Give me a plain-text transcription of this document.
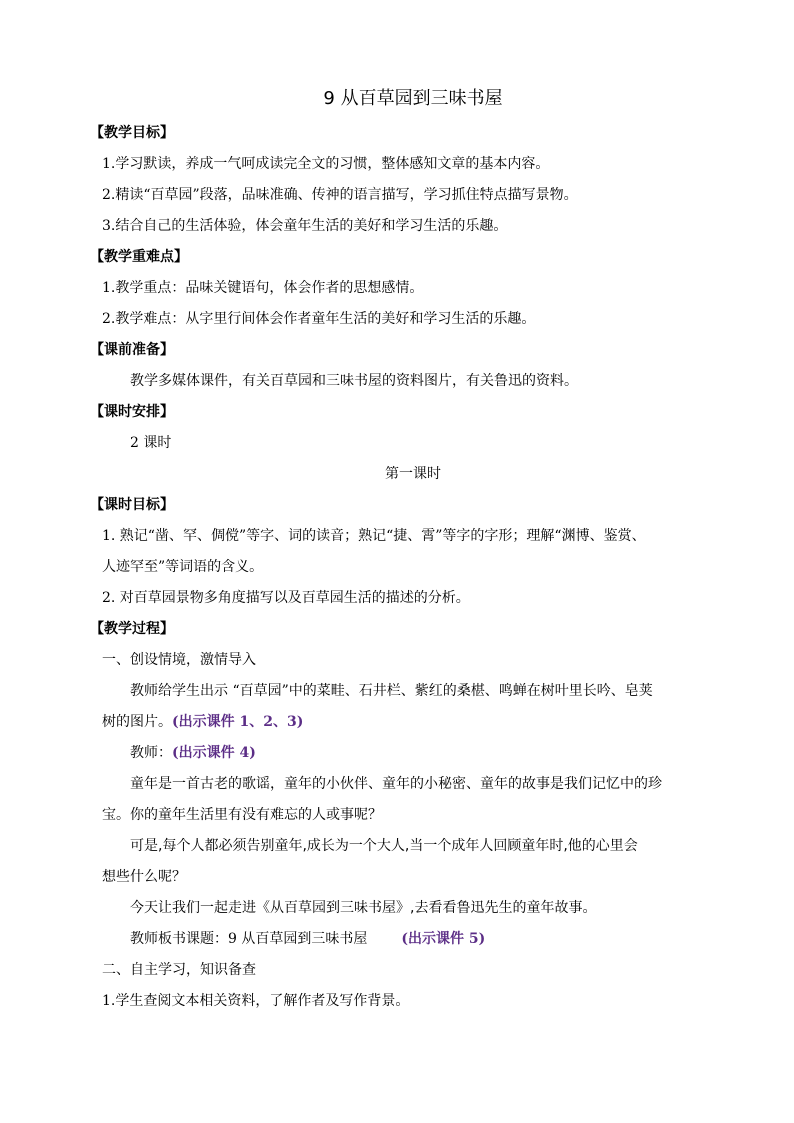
9 从百草园到三味书屋
【教学目标】
1.学习默读，养成一气呵成读完全文的习惯，整体感知文章的基本内容。
2.精读“百草园”段落，品味准确、传神的语言描写，学习抓住特点描写景物。
3.结合自己的生活体验，体会童年生活的美好和学习生活的乐趣。
【教学重难点】
1.教学重点：品味关键语句，体会作者的思想感情。
2.教学难点：从字里行间体会作者童年生活的美好和学习生活的乐趣。
【课前准备】
教学多媒体课件，有关百草园和三味书屋的资料图片，有关鲁迅的资料。
【课时安排】
2 课时
第一课时
【课时目标】
1. 熟记“凿、罕、倜傥”等字、词的读音；熟记“捷、霄”等字的字形；理解“渊博、鉴赏、
人迹罕至”等词语的含义。
2. 对百草园景物多角度描写以及百草园生活的描述的分析。
【教学过程】
一、创设情境，激情导入
教师给学生出示 “百草园”中的菜畦、石井栏、紫红的桑椹、鸣蝉在树叶里长吟、皂荚
树的图片。(出示课件 1、2、3)
教师：(出示课件 4)
童年是一首古老的歌谣，童年的小伙伴、童年的小秘密、童年的故事是我们记忆中的珍
宝。你的童年生活里有没有难忘的人或事呢？
可是,每个人都必须告别童年,成长为一个大人,当一个成年人回顾童年时,他的心里会
想些什么呢？
今天让我们一起走进《从百草园到三味书屋》,去看看鲁迅先生的童年故事。
教师板书课题：9 从百草园到三味书屋 (出示课件 5)
二、自主学习，知识备查
1.学生查阅文本相关资料，了解作者及写作背景。
